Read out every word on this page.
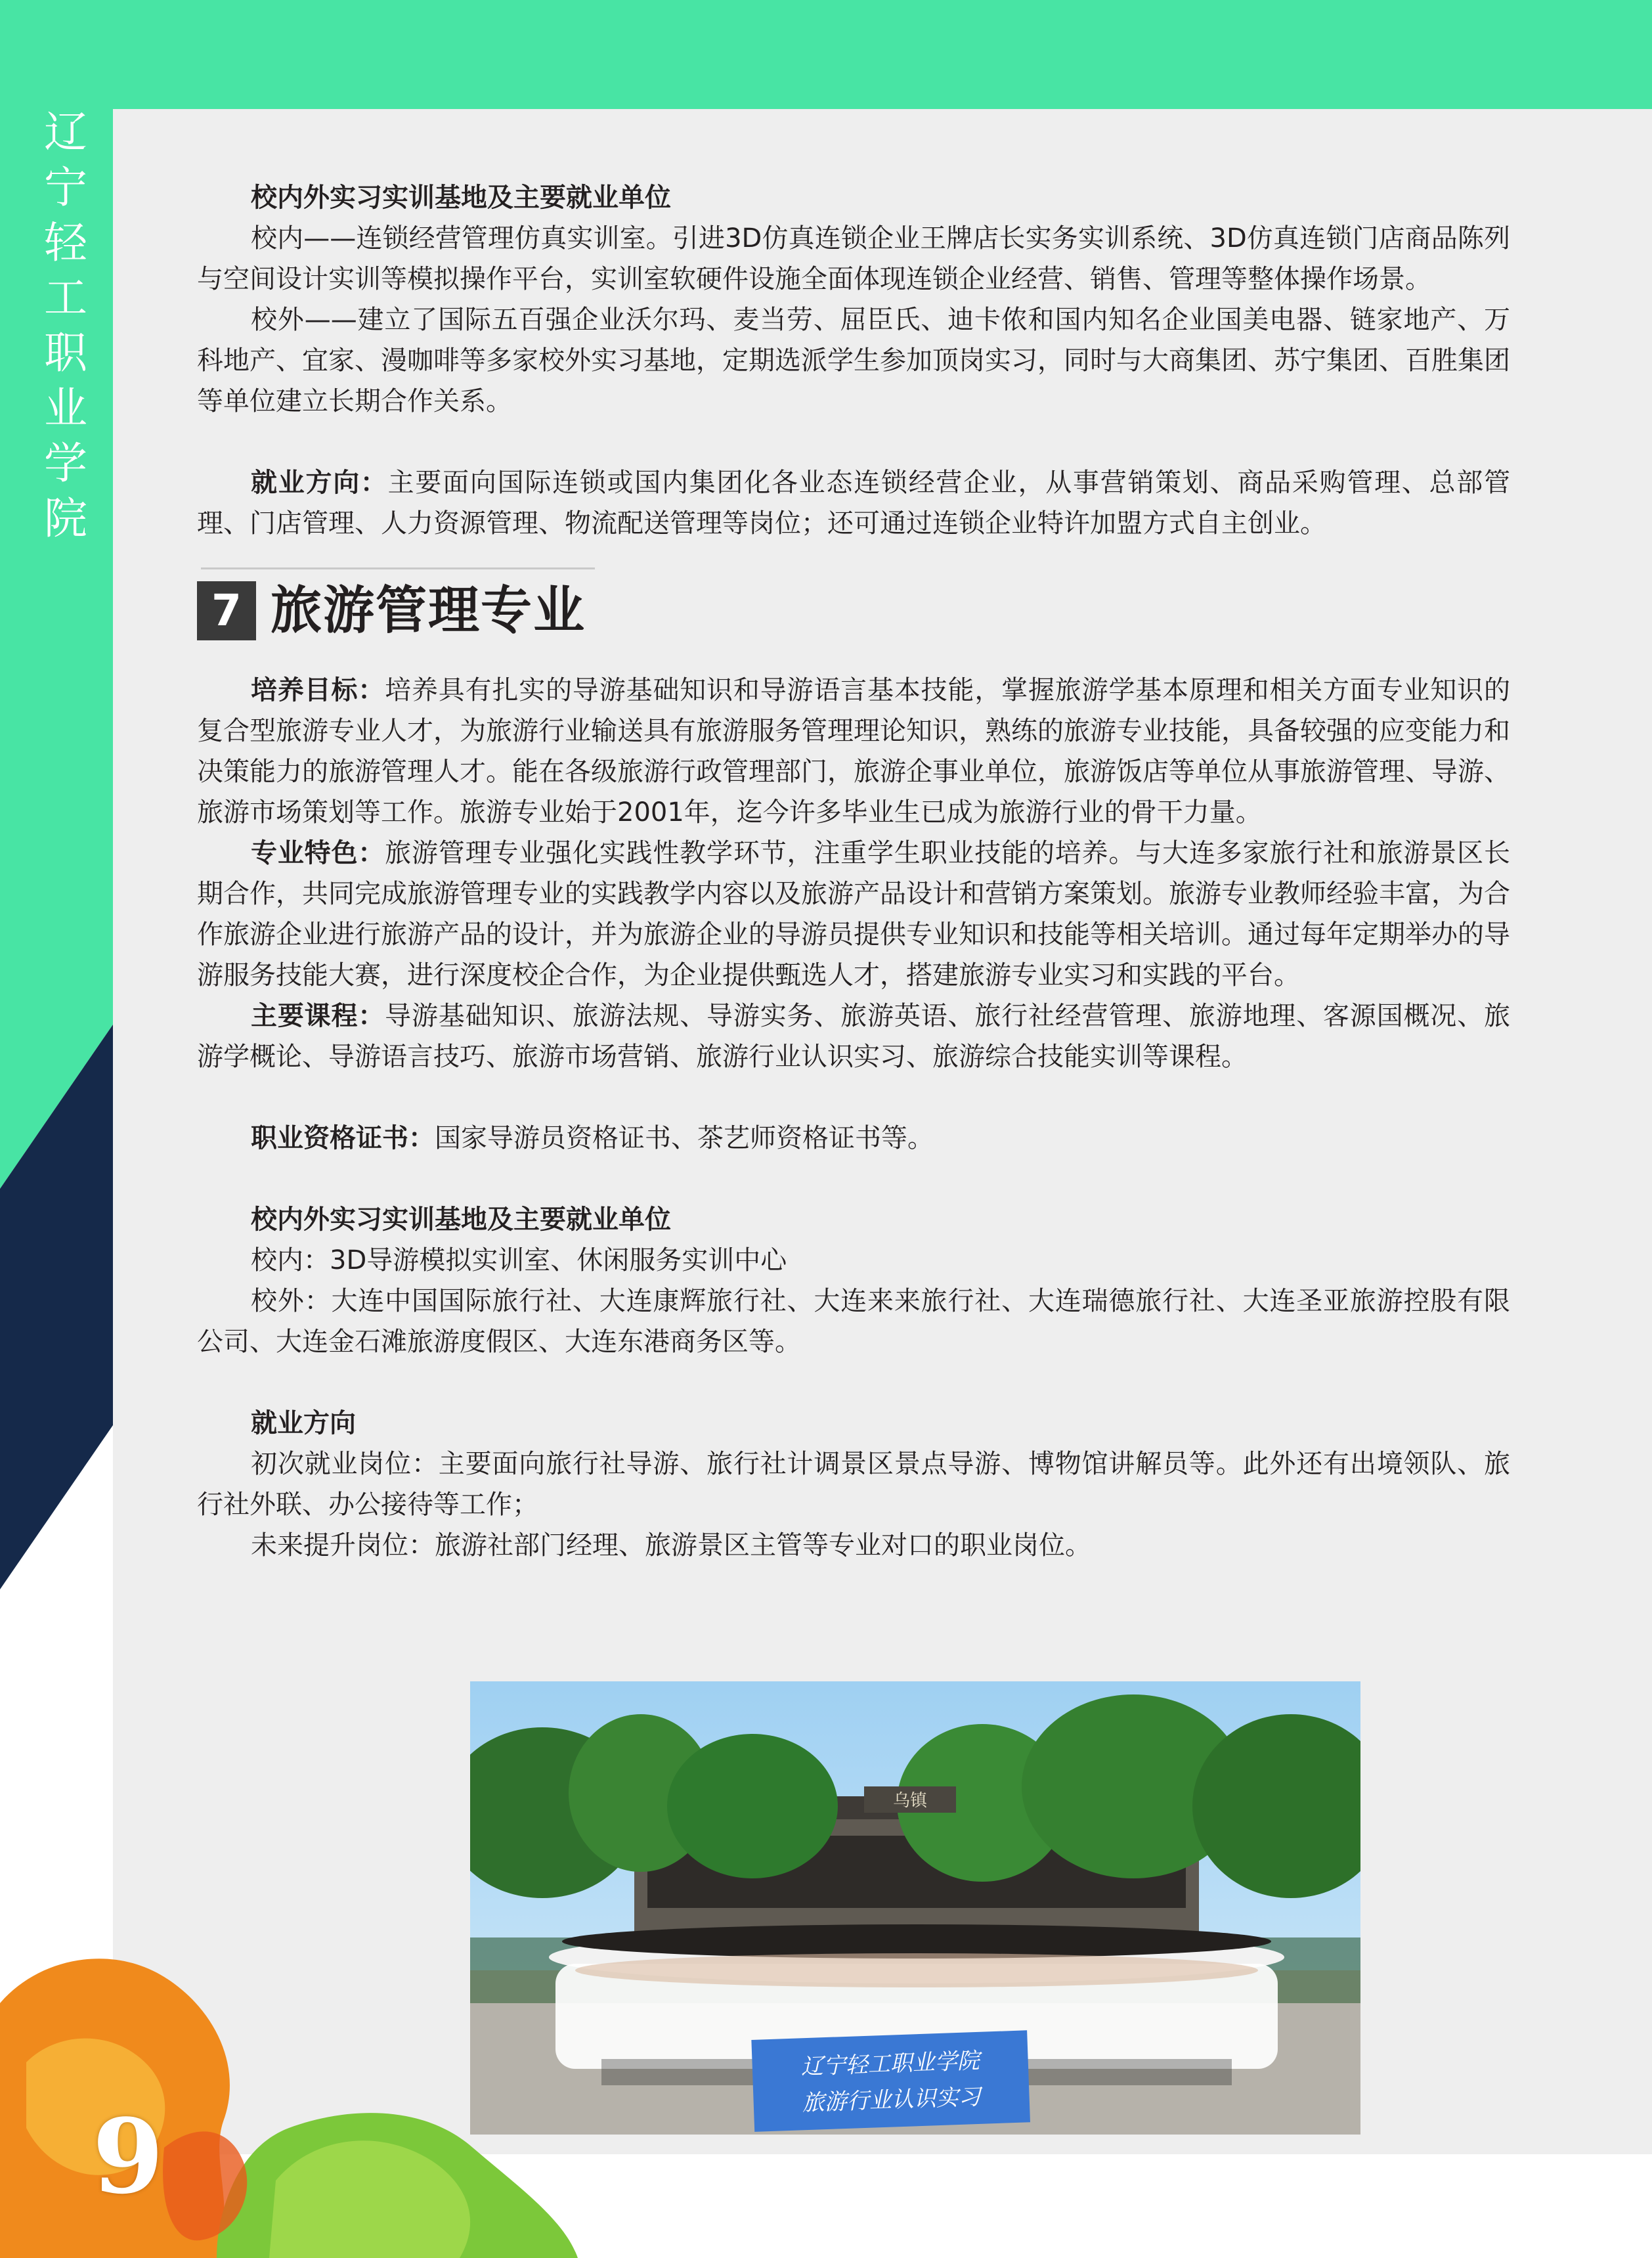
辽
宁
轻
工
职
业
学
院

校内外实习实训基地及主要就业单位

校内——连锁经营管理仿真实训室。引进3D仿真连锁企业王牌店长实务实训系统、3D仿真连锁门店商品陈列与空间设计实训等模拟操作平台，实训室软硬件设施全面体现连锁企业经营、销售、管理等整体操作场景。

校外——建立了国际五百强企业沃尔玛、麦当劳、屈臣氏、迪卡侬和国内知名企业国美电器、链家地产、万科地产、宜家、漫咖啡等多家校外实习基地，定期选派学生参加顶岗实习，同时与大商集团、苏宁集团、百胜集团等单位建立长期合作关系。

就业方向：主要面向国际连锁或国内集团化各业态连锁经营企业，从事营销策划、商品采购管理、总部管理、门店管理、人力资源管理、物流配送管理等岗位；还可通过连锁企业特许加盟方式自主创业。

7 旅游管理专业

培养目标：培养具有扎实的导游基础知识和导游语言基本技能，掌握旅游学基本原理和相关方面专业知识的复合型旅游专业人才，为旅游行业输送具有旅游服务管理理论知识，熟练的旅游专业技能，具备较强的应变能力和决策能力的旅游管理人才。能在各级旅游行政管理部门，旅游企事业单位，旅游饭店等单位从事旅游管理、导游、旅游市场策划等工作。旅游专业始于2001年，迄今许多毕业生已成为旅游行业的骨干力量。

专业特色：旅游管理专业强化实践性教学环节，注重学生职业技能的培养。与大连多家旅行社和旅游景区长期合作，共同完成旅游管理专业的实践教学内容以及旅游产品设计和营销方案策划。旅游专业教师经验丰富，为合作旅游企业进行旅游产品的设计，并为旅游企业的导游员提供专业知识和技能等相关培训。通过每年定期举办的导游服务技能大赛，进行深度校企合作，为企业提供甄选人才，搭建旅游专业实习和实践的平台。

主要课程：导游基础知识、旅游法规、导游实务、旅游英语、旅行社经营管理、旅游地理、客源国概况、旅游学概论、导游语言技巧、旅游市场营销、旅游行业认识实习、旅游综合技能实训等课程。

职业资格证书：国家导游员资格证书、茶艺师资格证书等。

校内外实习实训基地及主要就业单位

校内：3D导游模拟实训室、休闲服务实训中心

校外：大连中国国际旅行社、大连康辉旅行社、大连来来旅行社、大连瑞德旅行社、大连圣亚旅游控股有限公司、大连金石滩旅游度假区、大连东港商务区等。

就业方向

初次就业岗位：主要面向旅行社导游、旅行社计调景区景点导游、博物馆讲解员等。此外还有出境领队、旅行社外联、办公接待等工作；

未来提升岗位：旅游社部门经理、旅游景区主管等专业对口的职业岗位。

乌镇
辽宁轻工职业学院
旅游行业认识实习
9
